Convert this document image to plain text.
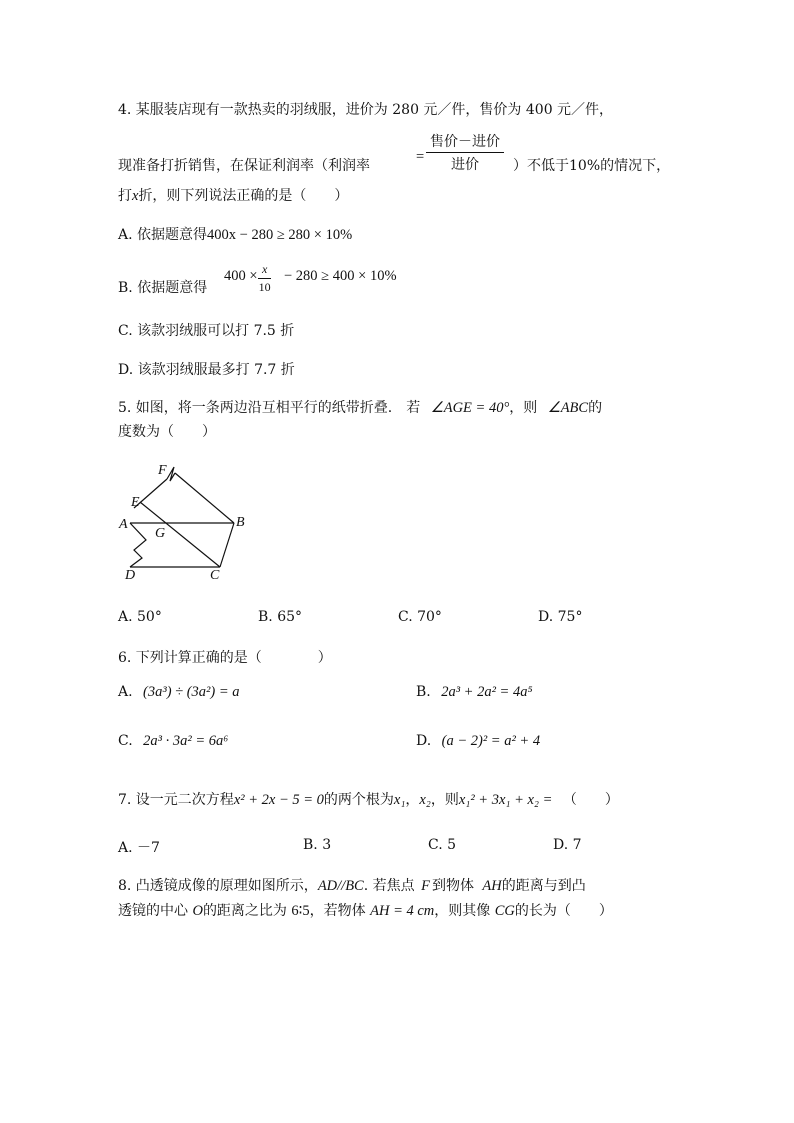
4. 某服装店现有一款热卖的羽绒服，进价为 280 元／件，售价为 400 元／件，
=
售价－进价
进价
现准备打折销售，在保证利润率（利润率	）不低于10%的情况下，
打x折，则下列说法正确的是（　　）
A. 依据题意得400x − 280 ≥ 280 × 10%
B. 依据题意得
$400 \times \frac{x}{10} - 280 \ge 400 \times 10\%$
C. 该款羽绒服可以打 7.5 折
D. 该款羽绒服最多打 7.7 折
5. 如图，将一条两边沿互相平行的纸带折叠.　若 ∠AGE = 40°，则 ∠ABC的
度数为（　　）
F
E
A
G
B
D	C
A. 50°	B. 65°	C. 70°	D. 75°
6. 下列计算正确的是（　　　　）
A. (3a³) ÷ (3a²) = a	B. 2a³ + 2a² = 4a⁵
C. 2a³ · 3a² = 6a⁶	D. (a − 2)² = a² + 4
7. 设一元二次方程x² + 2x − 5 = 0的两个根为x₁，x₂，则x₁² + 3x₁ + x₂ = （　　）
A. －7	B. 3	C. 5	D. 7
8. 凸透镜成像的原理如图所示，AD//BC. 若焦点 F 到物体 AH的距离与到凸
透镜的中心 O的距离之比为 6∶5，若物体 AH = 4 cm，则其像 CG的长为（　　）
